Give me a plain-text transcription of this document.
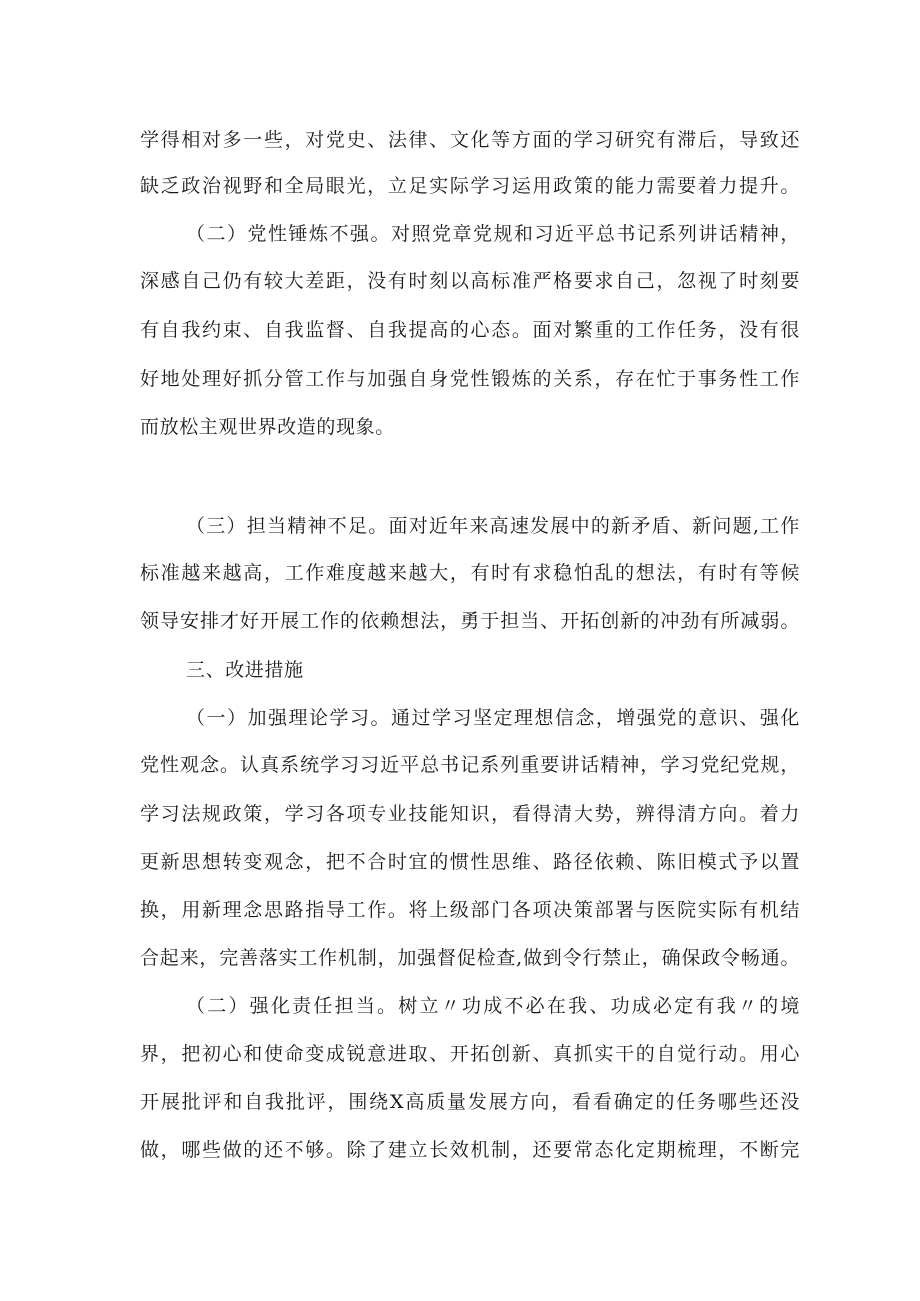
学得相对多一些，对党史、法律、文化等方面的学习研究有滞后，导致还
缺乏政治视野和全局眼光，立足实际学习运用政策的能力需要着力提升。
（二）党性锤炼不强。对照党章党规和习近平总书记系列讲话精神，
深感自己仍有较大差距，没有时刻以高标准严格要求自己，忽视了时刻要
有自我约束、自我监督、自我提高的心态。面对繁重的工作任务，没有很
好地处理好抓分管工作与加强自身党性锻炼的关系，存在忙于事务性工作
而放松主观世界改造的现象。
（三）担当精神不足。面对近年来高速发展中的新矛盾、新问题,工作
标准越来越高，工作难度越来越大，有时有求稳怕乱的想法，有时有等候
领导安排才好开展工作的依赖想法，勇于担当、开拓创新的冲劲有所减弱。
三、改进措施
（一）加强理论学习。通过学习坚定理想信念，增强党的意识、强化
党性观念。认真系统学习习近平总书记系列重要讲话精神，学习党纪党规，
学习法规政策，学习各项专业技能知识，看得清大势，辨得清方向。着力
更新思想转变观念，把不合时宜的惯性思维、路径依赖、陈旧模式予以置
换，用新理念思路指导工作。将上级部门各项决策部署与医院实际有机结
合起来，完善落实工作机制，加强督促检查,做到令行禁止，确保政令畅通。
（二）强化责任担当。树立〃功成不必在我、功成必定有我〃的境
界，把初心和使命变成锐意进取、开拓创新、真抓实干的自觉行动。用心
开展批评和自我批评，围绕X高质量发展方向，看看确定的任务哪些还没
做，哪些做的还不够。除了建立长效机制，还要常态化定期梳理，不断完
